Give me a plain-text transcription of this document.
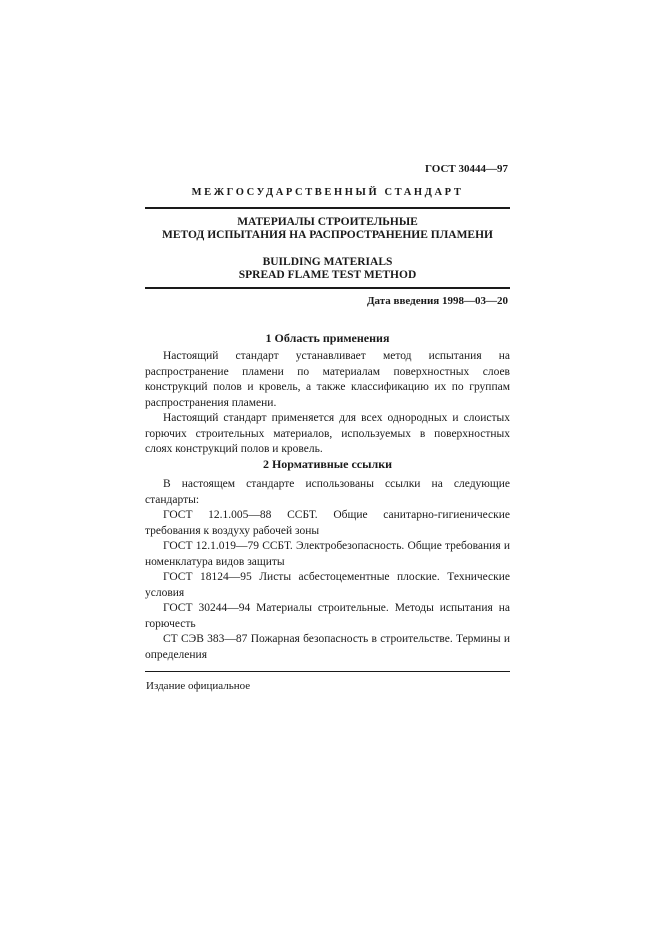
ГОСТ 30444—97
МЕЖГОСУДАРСТВЕННЫЙ СТАНДАРТ
МАТЕРИАЛЫ СТРОИТЕЛЬНЫЕ
МЕТОД ИСПЫТАНИЯ НА РАСПРОСТРАНЕНИЕ ПЛАМЕНИ
BUILDING MATERIALS
SPREAD FLAME TEST METHOD
Дата введения 1998—03—20
1 Область применения

Настоящий стандарт устанавливает метод испытания на распространение пламени по материалам поверхностных слоев конструкций полов и кровель, а также классификацию их по группам распространения пламени.

Настоящий стандарт применяется для всех однородных и слоистых горючих строительных материалов, используемых в поверхностных слоях конструкций полов и кровель.

2 Нормативные ссылки

В настоящем стандарте использованы ссылки на следующие стандарты:

ГОСТ 12.1.005—88 ССБТ. Общие санитарно-гигиенические требования к воздуху рабочей зоны

ГОСТ 12.1.019—79 ССБТ. Электробезопасность. Общие требования и номенклатура видов защиты

ГОСТ 18124—95 Листы асбестоцементные плоские. Технические условия

ГОСТ 30244—94 Материалы строительные. Методы испытания на горючесть

СТ СЭВ 383—87 Пожарная безопасность в строительстве. Термины и определения

Издание официальное
